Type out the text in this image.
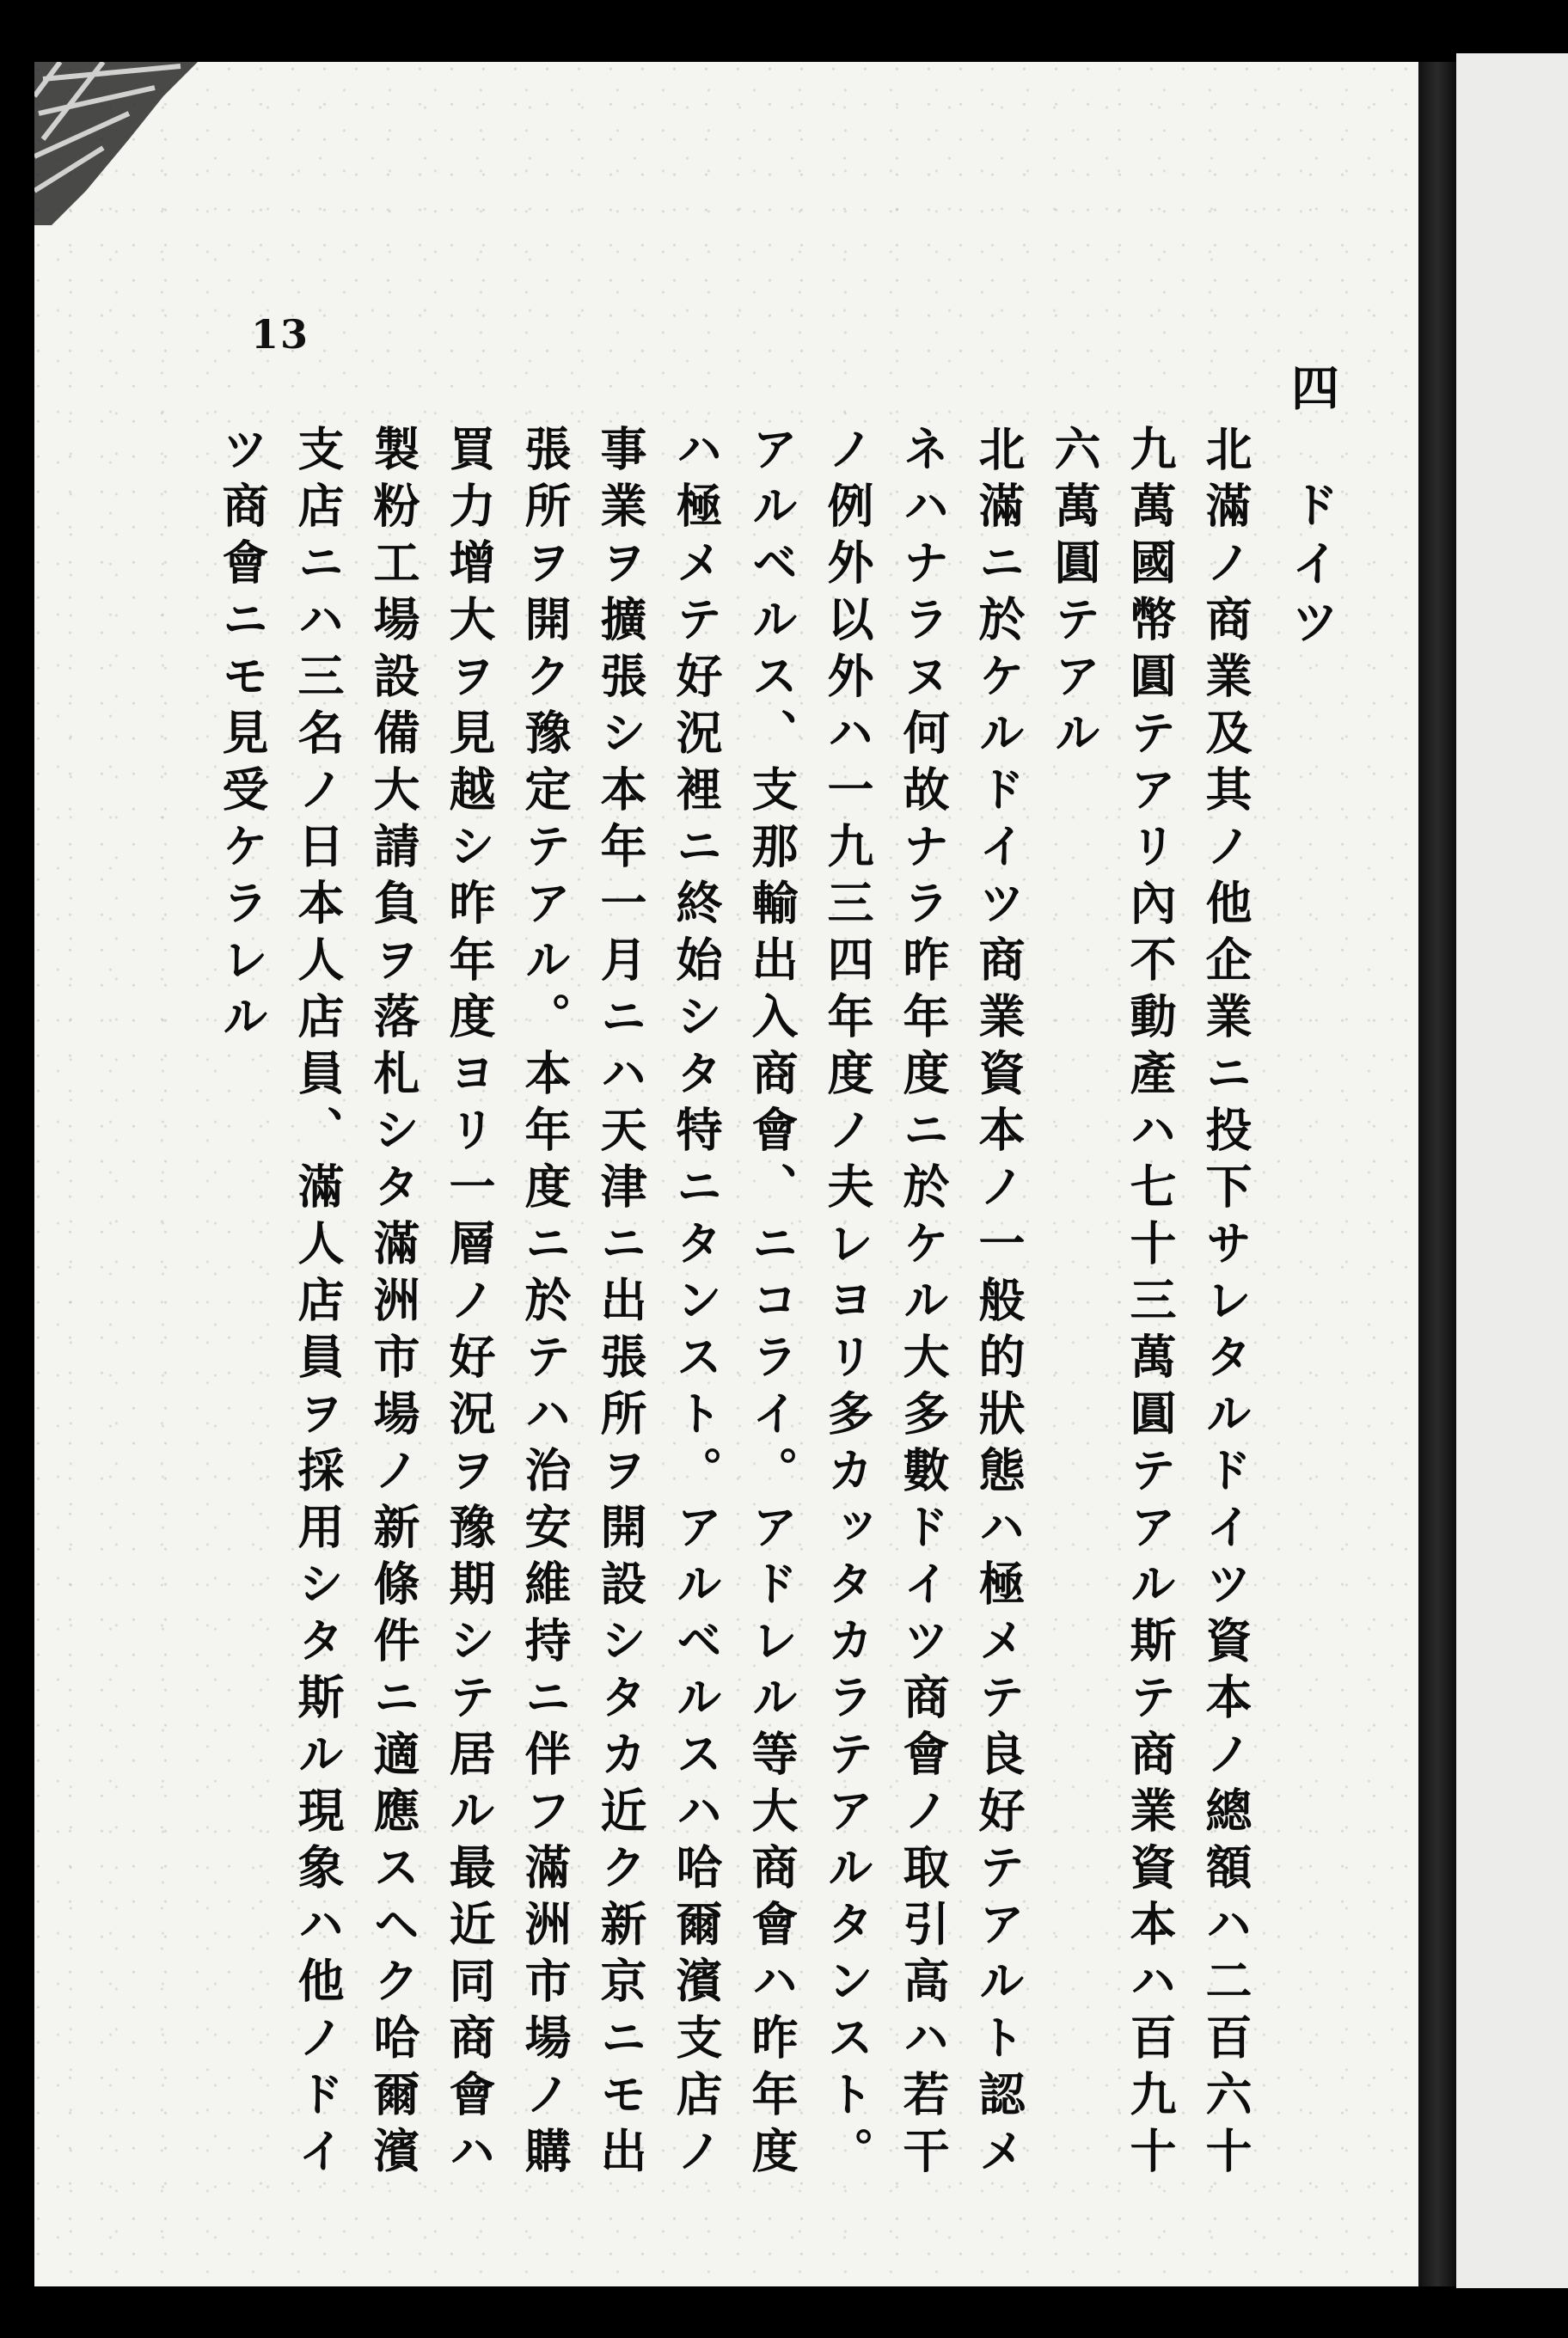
13
四　ドイツ
北滿ノ商業及其ノ他企業ニ投下サレタルドイツ資本ノ總額ハ二百六十
九萬國幣圓テアリ內不動產ハ七十三萬圓テアル斯テ商業資本ハ百九十
六萬圓テアル
北滿ニ於ケルドイツ商業資本ノ一般的狀態ハ極メテ良好テアルト認メ
ネハナラヌ何故ナラ昨年度ニ於ケル大多數ドイツ商會ノ取引高ハ若干
ノ例外以外ハ一九三四年度ノ夫レヨリ多カッタカラテアルタンスト。
アルベルス、支那輸出入商會、ニコライ。アドレル等大商會ハ昨年度
ハ極メテ好況裡ニ終始シタ特ニタンスト。アルベルスハ哈爾濱支店ノ
事業ヲ擴張シ本年一月ニハ天津ニ出張所ヲ開設シタカ近ク新京ニモ出
張所ヲ開ク豫定テアル。本年度ニ於テハ治安維持ニ伴フ滿洲市場ノ購
買力增大ヲ見越シ昨年度ヨリ一層ノ好況ヲ豫期シテ居ル最近同商會ハ
製粉工場設備大請負ヲ落札シタ滿洲市場ノ新條件ニ適應スヘク哈爾濱
支店ニハ三名ノ日本人店員、滿人店員ヲ採用シタ斯ル現象ハ他ノドイ
ツ商會ニモ見受ケラレル
